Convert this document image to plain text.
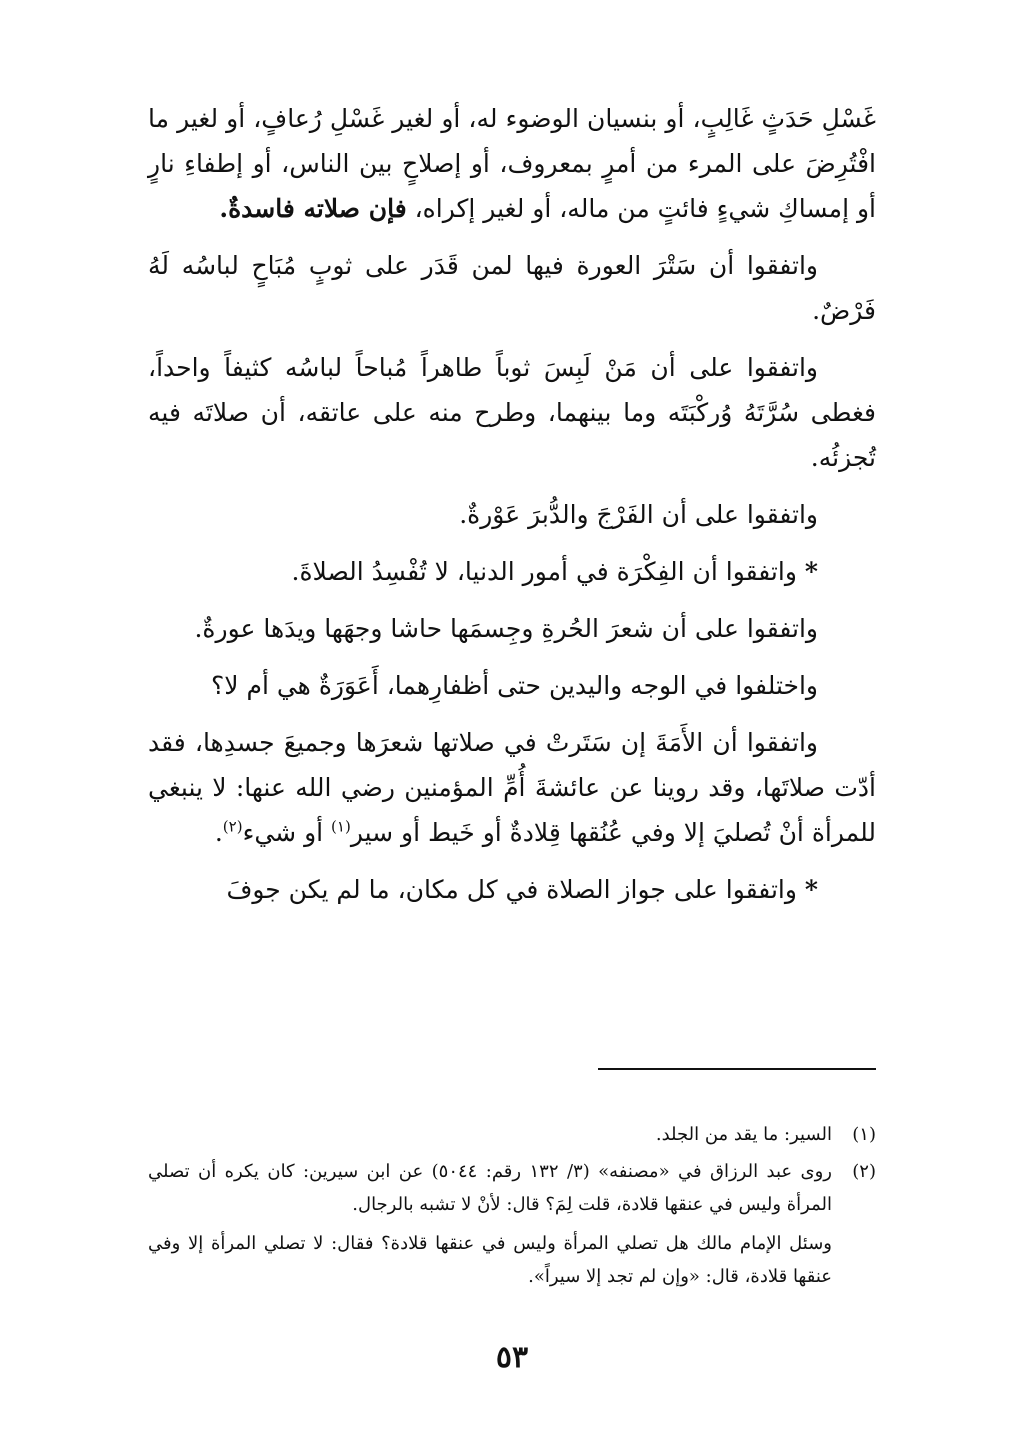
غَسْلِ حَدَثٍ غَالِبٍ، أو بنسيان الوضوء له، أو لغير غَسْلِ رُعافٍ، أو لغير ما افْتُرِضَ على المرء من أمرٍ بمعروف، أو إصلاحٍ بين الناس، أو إطفاءِ نارٍ أو إمساكِ شيءٍ فائتٍ من ماله، أو لغير إكراه، فإن صلاته فاسدةٌ.

واتفقوا أن سَتْرَ العورة فيها لمن قَدَر على ثوبٍ مُبَاحٍ لباسُه لَهُ فَرْضٌ.

واتفقوا على أن مَنْ لَبِسَ ثوباً طاهراً مُباحاً لباسُه كثيفاً واحداً، فغطى سُرَّتَهُ وُركْبَتَه وما بينهما، وطرح منه على عاتقه، أن صلاتَه فيه تُجزئُه.

واتفقوا على أن الفَرْجَ والدُّبرَ عَوْرةٌ.

*واتفقوا أن الفِكْرَة في أمور الدنيا، لا تُفْسِدُ الصلاةَ.

واتفقوا على أن شعرَ الحُرةِ وجِسمَها حاشا وجهَها ويدَها عورةٌ.

واختلفوا في الوجه واليدين حتى أظفارِهما، أَعَوَرَةٌ هي أم لا؟

واتفقوا أن الأَمَةَ إن سَتَرتْ في صلاتها شعرَها وجميعَ جسدِها، فقد أدّت صلاتَها، وقد روينا عن عائشةَ أُمِّ المؤمنين رضي الله عنها: لا ينبغي للمرأة أنْ تُصليَ إلا وفي عُنُقها قِلادةٌ أو خَيط أو سير$^{(١)}$ أو شيء$^{(٢)}$.

*واتفقوا على جواز الصلاة في كل مكان، ما لم يكن جوفَ

(١)
السير: ما يقد من الجلد.
(٢)
روى عبد الرزاق في «مصنفه» (٣/ ١٣٢ رقم: ٥٠٤٤) عن ابن سيرين: كان يكره أن تصلي المرأة وليس في عنقها قلادة، قلت لِمَ؟ قال: لأنْ لا تشبه بالرجال.
وسئل الإمام مالك هل تصلي المرأة وليس في عنقها قلادة؟ فقال: لا تصلي المرأة إلا وفي عنقها قلادة، قال: «وإن لم تجد إلا سيراً».
٥٣
